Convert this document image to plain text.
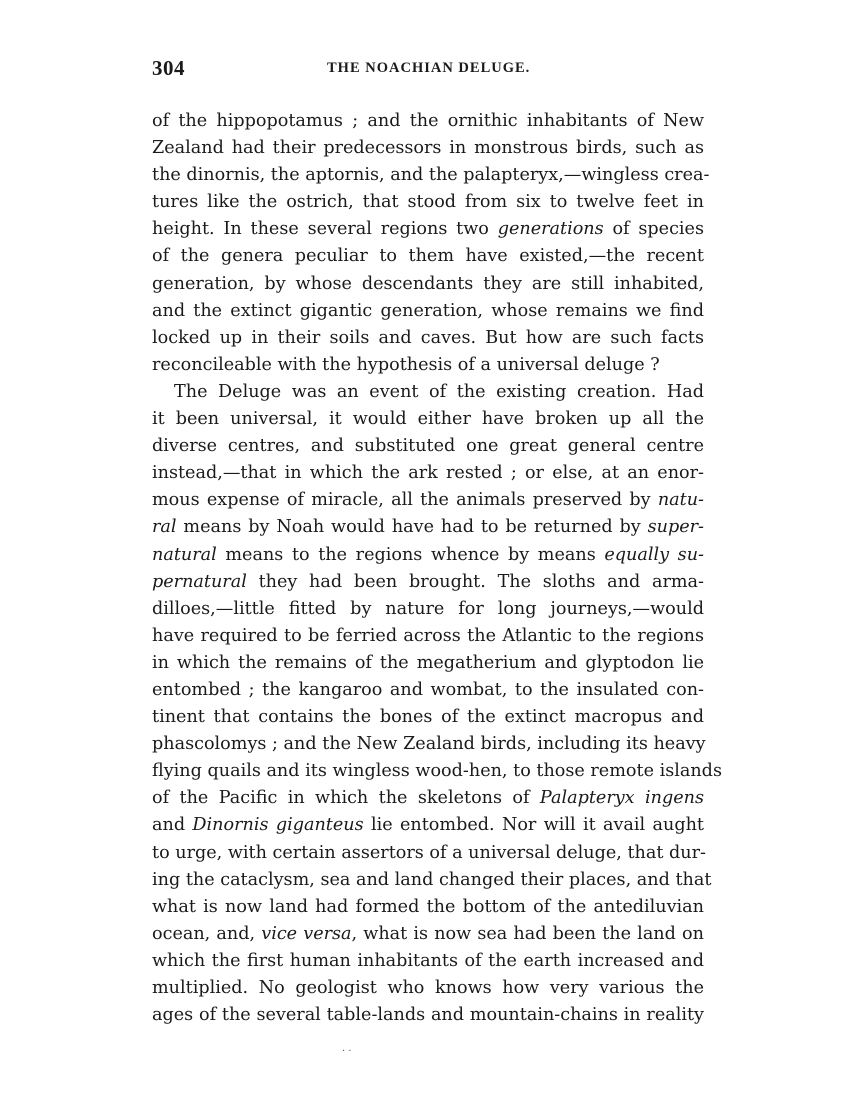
304	THE NOACHIAN DELUGE.
of the hippopotamus ; and the ornithic inhabitants of New
Zealand had their predecessors in monstrous birds, such as
the dinornis, the aptornis, and the palapteryx,—wingless crea-
tures like the ostrich, that stood from six to twelve feet in
height. In these several regions two generations of species
of the genera peculiar to them have existed,—the recent
generation, by whose descendants they are still inhabited,
and the extinct gigantic generation, whose remains we find
locked up in their soils and caves. But how are such facts
reconcileable with the hypothesis of a universal deluge ?
The Deluge was an event of the existing creation. Had
it been universal, it would either have broken up all the
diverse centres, and substituted one great general centre
instead,—that in which the ark rested ; or else, at an enor-
mous expense of miracle, all the animals preserved by natu-
ral means by Noah would have had to be returned by super-
natural means to the regions whence by means equally su-
pernatural they had been brought. The sloths and arma-
dilloes,—little fitted by nature for long journeys,—would
have required to be ferried across the Atlantic to the regions
in which the remains of the megatherium and glyptodon lie
entombed ; the kangaroo and wombat, to the insulated con-
tinent that contains the bones of the extinct macropus and
phascolomys ; and the New Zealand birds, including its heavy
flying quails and its wingless wood-hen, to those remote islands
of the Pacific in which the skeletons of Palapteryx ingens
and Dinornis giganteus lie entombed. Nor will it avail aught
to urge, with certain assertors of a universal deluge, that dur-
ing the cataclysm, sea and land changed their places, and that
what is now land had formed the bottom of the antediluvian
ocean, and, vice versa, what is now sea had been the land on
which the first human inhabitants of the earth increased and
multiplied. No geologist who knows how very various the
ages of the several table-lands and mountain-chains in reality
· ·
